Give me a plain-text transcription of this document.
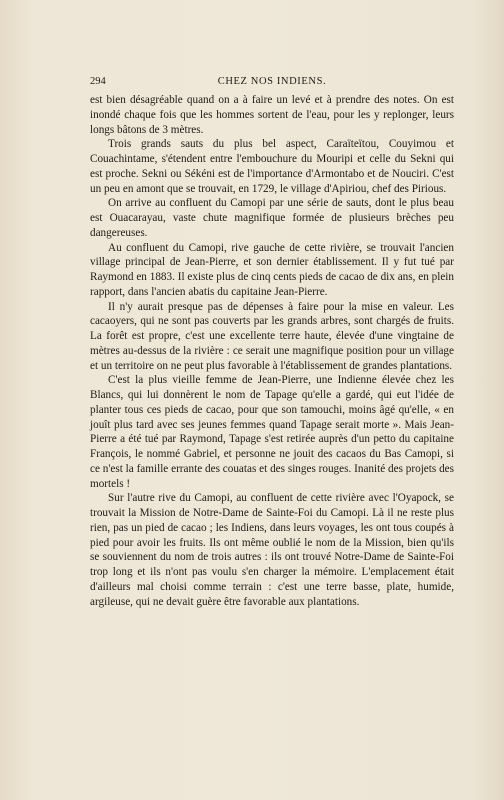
294	CHEZ NOS INDIENS.

est bien désagréable quand on a à faire un levé et à prendre des notes. On est inondé chaque fois que les hommes sortent de l'eau, pour les y replonger, leurs longs bâtons de 3 mètres.

Trois grands sauts du plus bel aspect, Caraïteïtou, Couyimou et Couachintame, s'étendent entre l'embouchure du Mouripi et celle du Sekni qui est proche. Sekni ou Sékéni est de l'importance d'Armontabo et de Nouciri. C'est un peu en amont que se trouvait, en 1729, le village d'Apiriou, chef des Pirious.

On arrive au confluent du Camopi par une série de sauts, dont le plus beau est Ouacarayau, vaste chute magnifique formée de plusieurs brèches peu dangereuses.

Au confluent du Camopi, rive gauche de cette rivière, se trouvait l'ancien village principal de Jean-Pierre, et son dernier établissement. Il y fut tué par Raymond en 1883. Il existe plus de cinq cents pieds de cacao de dix ans, en plein rapport, dans l'ancien abatis du capitaine Jean-Pierre.

Il n'y aurait presque pas de dépenses à faire pour la mise en valeur. Les cacaoyers, qui ne sont pas couverts par les grands arbres, sont chargés de fruits. La forêt est propre, c'est une excellente terre haute, élevée d'une vingtaine de mètres au-dessus de la rivière : ce serait une magnifique position pour un village et un territoire on ne peut plus favorable à l'établissement de grandes plantations.

C'est la plus vieille femme de Jean-Pierre, une Indienne élevée chez les Blancs, qui lui donnèrent le nom de Tapage qu'elle a gardé, qui eut l'idée de planter tous ces pieds de cacao, pour que son tamouchi, moins âgé qu'elle, « en jouît plus tard avec ses jeunes femmes quand Tapage serait morte ». Mais Jean-Pierre a été tué par Raymond, Tapage s'est retirée auprès d'un petto du capitaine François, le nommé Gabriel, et personne ne jouit des cacaos du Bas Camopi, si ce n'est la famille errante des couatas et des singes rouges. Inanité des projets des mortels !

Sur l'autre rive du Camopi, au confluent de cette rivière avec l'Oyapock, se trouvait la Mission de Notre-Dame de Sainte-Foi du Camopi. Là il ne reste plus rien, pas un pied de cacao ; les Indiens, dans leurs voyages, les ont tous coupés à pied pour avoir les fruits. Ils ont même oublié le nom de la Mission, bien qu'ils se souviennent du nom de trois autres : ils ont trouvé Notre-Dame de Sainte-Foi trop long et ils n'ont pas voulu s'en charger la mémoire. L'emplacement était d'ailleurs mal choisi comme terrain : c'est une terre basse, plate, humide, argileuse, qui ne devait guère être favorable aux plantations.
